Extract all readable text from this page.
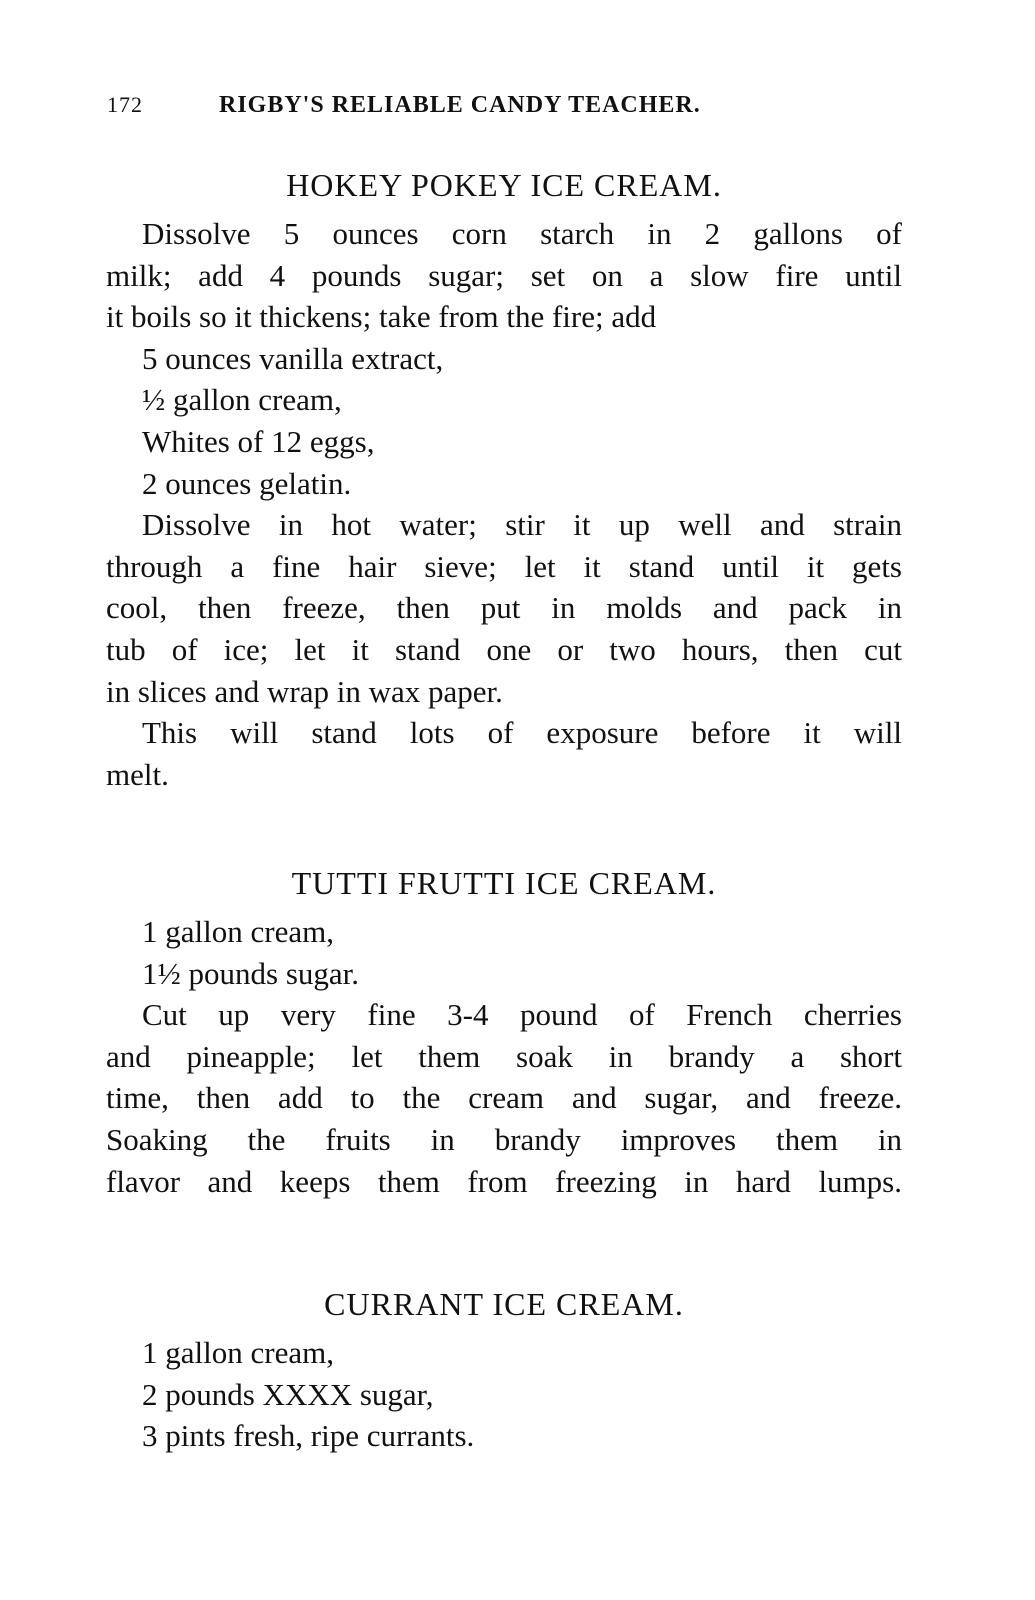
172	RIGBY'S RELIABLE CANDY TEACHER.
HOKEY POKEY ICE CREAM.
Dissolve 5 ounces corn starch in 2 gallons of
milk; add 4 pounds sugar; set on a slow fire until
it boils so it thickens; take from the fire; add
5 ounces vanilla extract,
½ gallon cream,
Whites of 12 eggs,
2 ounces gelatin.
Dissolve in hot water; stir it up well and strain
through a fine hair sieve; let it stand until it gets
cool, then freeze, then put in molds and pack in
tub of ice; let it stand one or two hours, then cut
in slices and wrap in wax paper.
This will stand lots of exposure before it will
melt.
TUTTI FRUTTI ICE CREAM.
1 gallon cream,
1½ pounds sugar.
Cut up very fine 3-4 pound of French cherries
and pineapple; let them soak in brandy a short
time, then add to the cream and sugar, and freeze.
Soaking the fruits in brandy improves them in
flavor and keeps them from freezing in hard lumps.
CURRANT ICE CREAM.
1 gallon cream,
2 pounds XXXX sugar,
3 pints fresh, ripe currants.
